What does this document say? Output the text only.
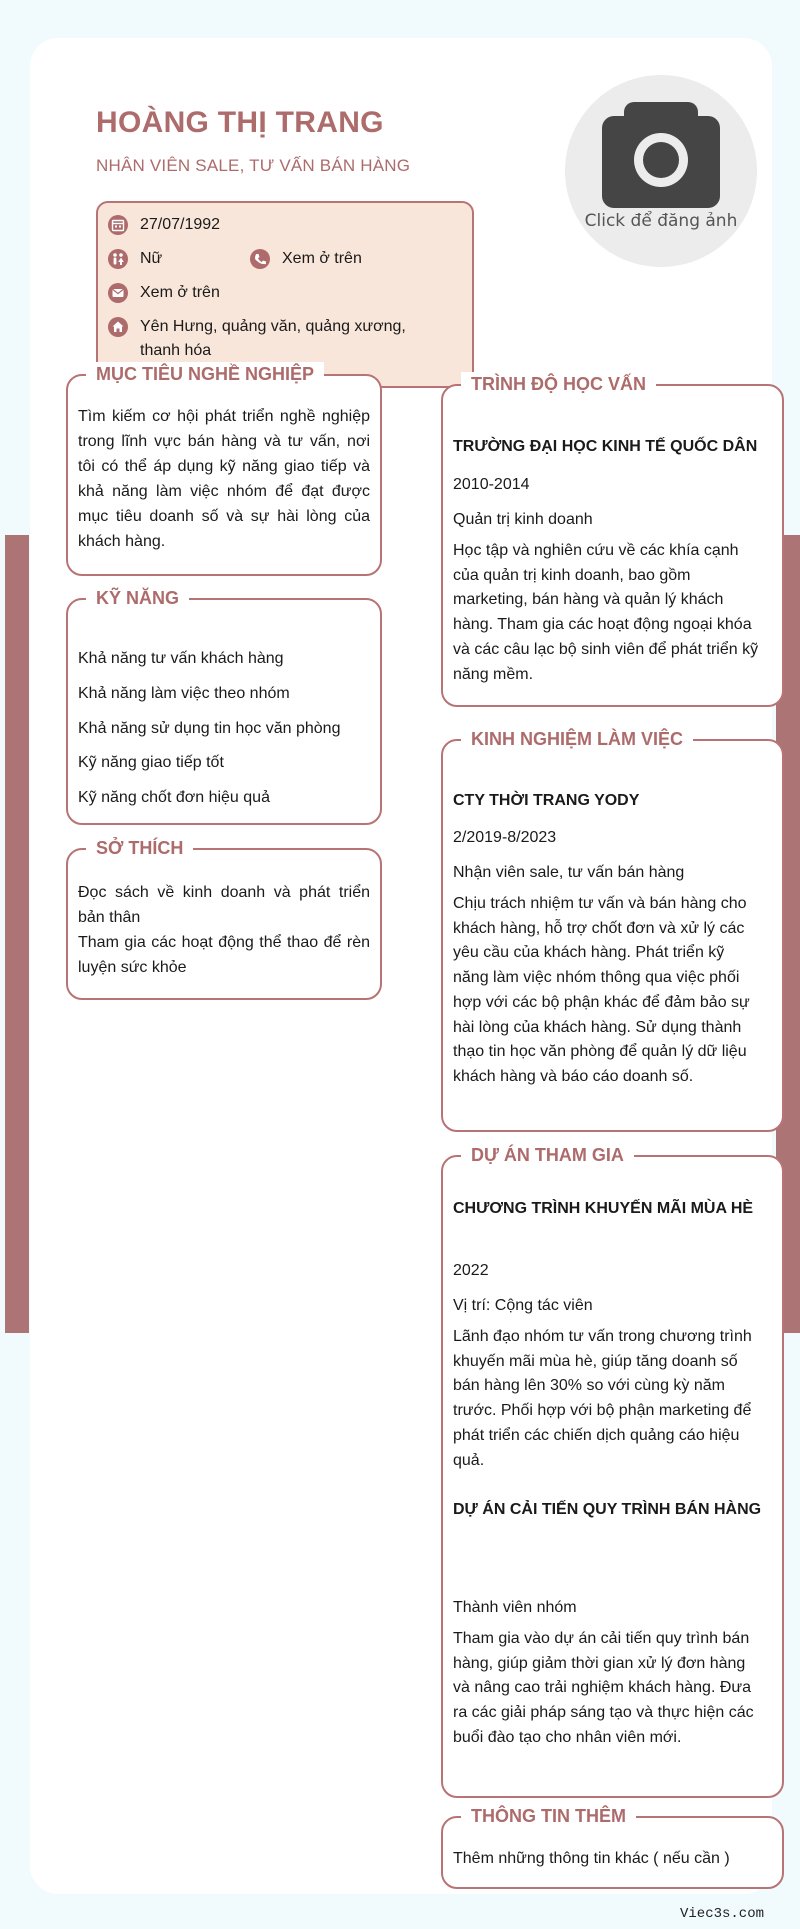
HOÀNG THỊ TRANG
NHÂN VIÊN SALE, TƯ VẤN BÁN HÀNG
Click để đăng ảnh
27/07/1992
Nữ	Xem ở trên
Xem ở trên
Yên Hưng, quảng văn, quảng xương, thanh hóa
MỤC TIÊU NGHỀ NGHIỆP
Tìm kiếm cơ hội phát triển nghề nghiệp trong lĩnh vực bán hàng và tư vấn, nơi tôi có thể áp dụng kỹ năng giao tiếp và khả năng làm việc nhóm để đạt được mục tiêu doanh số và sự hài lòng của khách hàng.
KỸ NĂNG
Khả năng tư vấn khách hàng
Khả năng làm việc theo nhóm
Khả năng sử dụng tin học văn phòng
Kỹ năng giao tiếp tốt
Kỹ năng chốt đơn hiệu quả
SỞ THÍCH
Đọc sách về kinh doanh và phát triển bản thân
Tham gia các hoạt động thể thao để rèn luyện sức khỏe
TRÌNH ĐỘ HỌC VẤN
TRƯỜNG ĐẠI HỌC KINH TẾ QUỐC DÂN
2010-2014
Quản trị kinh doanh
Học tập và nghiên cứu về các khía cạnh của quản trị kinh doanh, bao gồm marketing, bán hàng và quản lý khách hàng. Tham gia các hoạt động ngoại khóa và các câu lạc bộ sinh viên để phát triển kỹ năng mềm.
KINH NGHIỆM LÀM VIỆC
CTY THỜI TRANG YODY
2/2019-8/2023
Nhận viên sale, tư vấn bán hàng
Chịu trách nhiệm tư vấn và bán hàng cho khách hàng, hỗ trợ chốt đơn và xử lý các yêu cầu của khách hàng. Phát triển kỹ năng làm việc nhóm thông qua việc phối hợp với các bộ phận khác để đảm bảo sự hài lòng của khách hàng. Sử dụng thành thạo tin học văn phòng để quản lý dữ liệu khách hàng và báo cáo doanh số.
DỰ ÁN THAM GIA
CHƯƠNG TRÌNH KHUYẾN MÃI MÙA HÈ
2022
Vị trí: Cộng tác viên
Lãnh đạo nhóm tư vấn trong chương trình khuyến mãi mùa hè, giúp tăng doanh số bán hàng lên 30% so với cùng kỳ năm trước. Phối hợp với bộ phận marketing để phát triển các chiến dịch quảng cáo hiệu quả.
DỰ ÁN CẢI TIẾN QUY TRÌNH BÁN HÀNG
Thành viên nhóm
Tham gia vào dự án cải tiến quy trình bán hàng, giúp giảm thời gian xử lý đơn hàng và nâng cao trải nghiệm khách hàng. Đưa ra các giải pháp sáng tạo và thực hiện các buổi đào tạo cho nhân viên mới.
THÔNG TIN THÊM
Thêm những thông tin khác ( nếu cần )
Viec3s.com
